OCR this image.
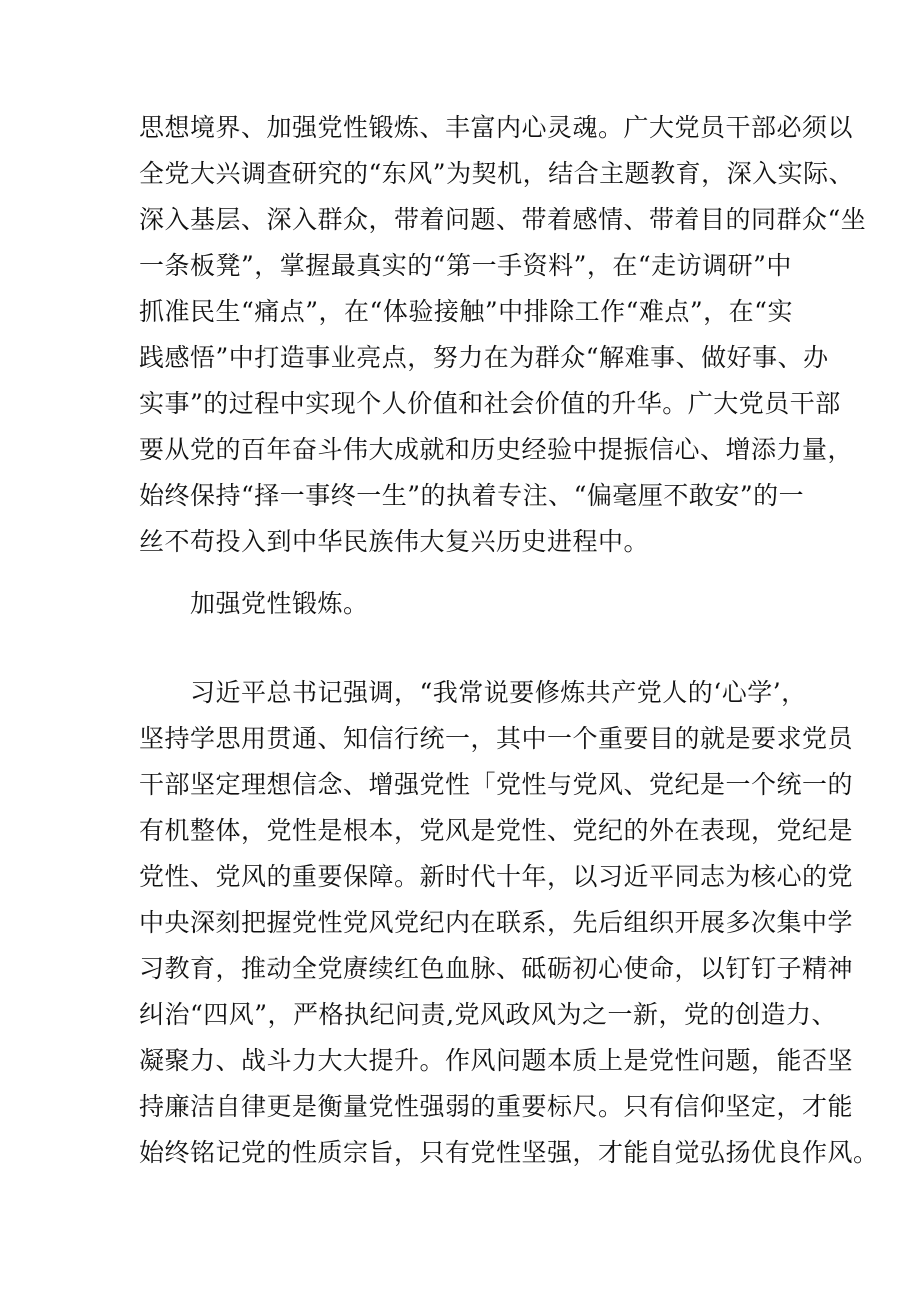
思想境界、加强党性锻炼、丰富内心灵魂。广大党员干部必须以
全党大兴调查研究的“东风”为契机，结合主题教育，深入实际、
深入基层、深入群众，带着问题、带着感情、带着目的同群众“坐
一条板凳”，掌握最真实的“第一手资料”，在“走访调研”中
抓准民生“痛点”，在“体验接触”中排除工作“难点”，在“实
践感悟”中打造事业亮点，努力在为群众“解难事、做好事、办
实事”的过程中实现个人价值和社会价值的升华。广大党员干部
要从党的百年奋斗伟大成就和历史经验中提振信心、增添力量，
始终保持“择一事终一生”的执着专注、“偏毫厘不敢安”的一
丝不苟投入到中华民族伟大复兴历史进程中。
　　加强党性锻炼。
　　习近平总书记强调，“我常说要修炼共产党人的‘心学’，
坚持学思用贯通、知信行统一，其中一个重要目的就是要求党员
干部坚定理想信念、增强党性「党性与党风、党纪是一个统一的
有机整体，党性是根本，党风是党性、党纪的外在表现，党纪是
党性、党风的重要保障。新时代十年，以习近平同志为核心的党
中央深刻把握党性党风党纪内在联系，先后组织开展多次集中学
习教育，推动全党赓续红色血脉、砥砺初心使命，以钉钉子精神
纠治“四风”，严格执纪问责,党风政风为之一新，党的创造力、
凝聚力、战斗力大大提升。作风问题本质上是党性问题，能否坚
持廉洁自律更是衡量党性强弱的重要标尺。只有信仰坚定，才能
始终铭记党的性质宗旨，只有党性坚强，才能自觉弘扬优良作风。
